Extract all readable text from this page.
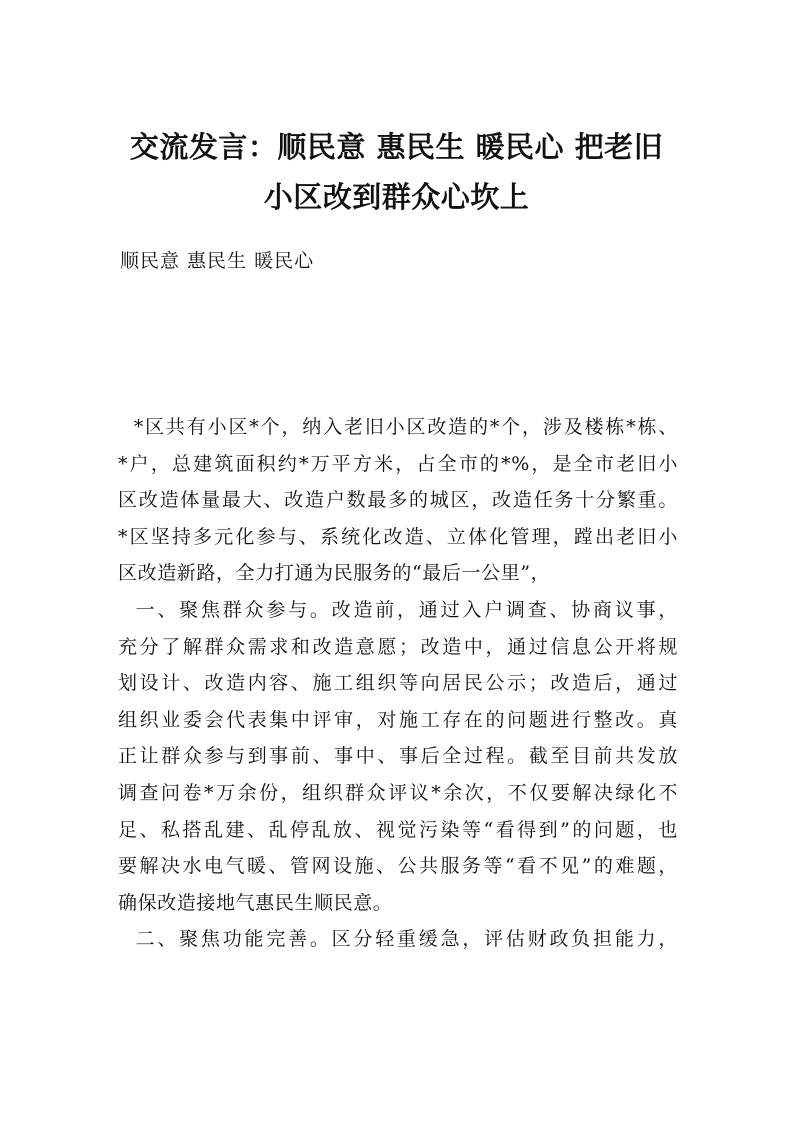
交流发言：顺民意 惠民生 暖民心 把老旧
小区改到群众心坎上
顺民意 惠民生 暖民心
*区共有小区*个，纳入老旧小区改造的*个，涉及楼栋*栋、
*户，总建筑面积约*万平方米，占全市的*%，是全市老旧小
区改造体量最大、改造户数最多的城区，改造任务十分繁重。
*区坚持多元化参与、系统化改造、立体化管理，蹚出老旧小
区改造新路，全力打通为民服务的“最后一公里”，
一、聚焦群众参与。改造前，通过入户调查、协商议事，
充分了解群众需求和改造意愿；改造中，通过信息公开将规
划设计、改造内容、施工组织等向居民公示；改造后，通过
组织业委会代表集中评审，对施工存在的问题进行整改。真
正让群众参与到事前、事中、事后全过程。截至目前共发放
调查问卷*万余份，组织群众评议*余次，不仅要解决绿化不
足、私搭乱建、乱停乱放、视觉污染等“看得到”的问题，也
要解决水电气暖、管网设施、公共服务等“看不见”的难题，
确保改造接地气惠民生顺民意。
二、聚焦功能完善。区分轻重缓急，评估财政负担能力，
